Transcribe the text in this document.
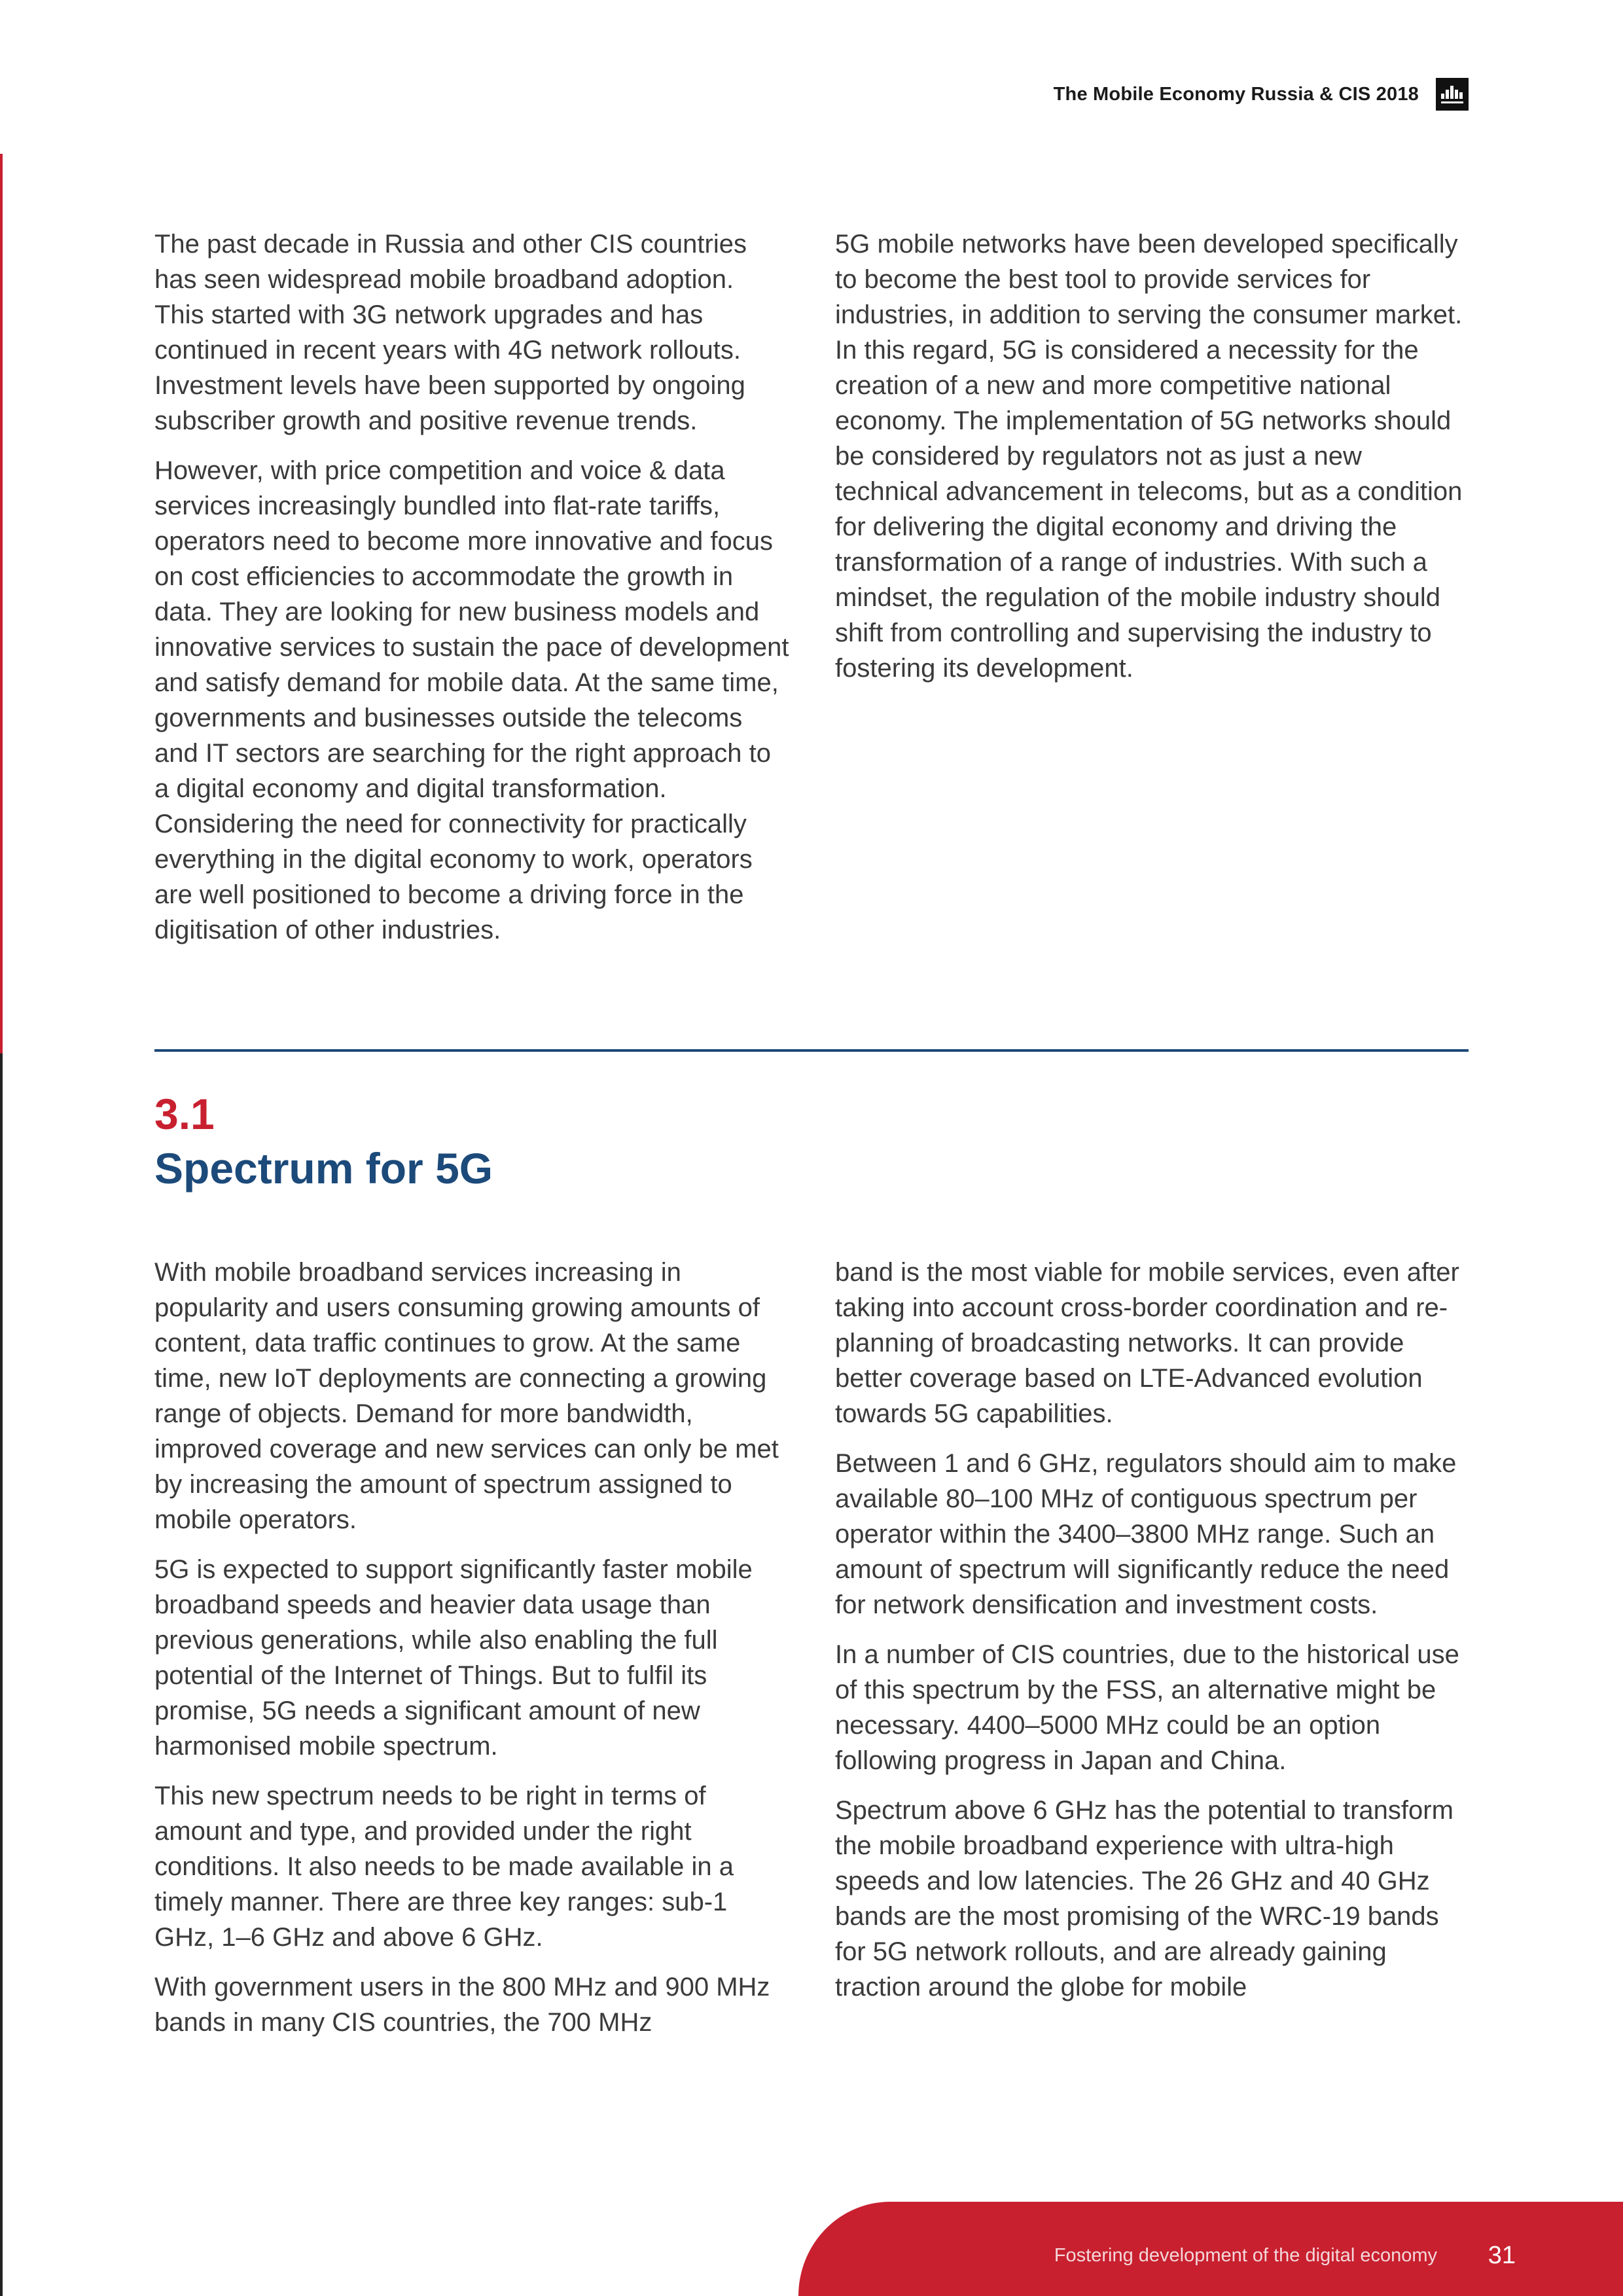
The Mobile Economy Russia & CIS 2018

The past decade in Russia and other CIS countries has seen widespread mobile broadband adoption. This started with 3G network upgrades and has continued in recent years with 4G network rollouts. Investment levels have been supported by ongoing subscriber growth and positive revenue trends.

However, with price competition and voice & data services increasingly bundled into flat-rate tariffs, operators need to become more innovative and focus on cost efficiencies to accommodate the growth in data. They are looking for new business models and innovative services to sustain the pace of development and satisfy demand for mobile data. At the same time, governments and businesses outside the telecoms and IT sectors are searching for the right approach to a digital economy and digital transformation. Considering the need for connectivity for practically everything in the digital economy to work, operators are well positioned to become a driving force in the digitisation of other industries.

5G mobile networks have been developed specifically to become the best tool to provide services for industries, in addition to serving the consumer market. In this regard, 5G is considered a necessity for the creation of a new and more competitive national economy. The implementation of 5G networks should be considered by regulators not as just a new technical advancement in telecoms, but as a condition for delivering the digital economy and driving the transformation of a range of industries. With such a mindset, the regulation of the mobile industry should shift from controlling and supervising the industry to fostering its development.

3.1
Spectrum for 5G

With mobile broadband services increasing in popularity and users consuming growing amounts of content, data traffic continues to grow. At the same time, new IoT deployments are connecting a growing range of objects. Demand for more bandwidth, improved coverage and new services can only be met by increasing the amount of spectrum assigned to mobile operators.

5G is expected to support significantly faster mobile broadband speeds and heavier data usage than previous generations, while also enabling the full potential of the Internet of Things. But to fulfil its promise, 5G needs a significant amount of new harmonised mobile spectrum.

This new spectrum needs to be right in terms of amount and type, and provided under the right conditions. It also needs to be made available in a timely manner. There are three key ranges: sub-1 GHz, 1–6 GHz and above 6 GHz.

With government users in the 800 MHz and 900 MHz bands in many CIS countries, the 700 MHz

band is the most viable for mobile services, even after taking into account cross-border coordination and re-planning of broadcasting networks. It can provide better coverage based on LTE-Advanced evolution towards 5G capabilities.

Between 1 and 6 GHz, regulators should aim to make available 80–100 MHz of contiguous spectrum per operator within the 3400–3800 MHz range. Such an amount of spectrum will significantly reduce the need for network densification and investment costs.

In a number of CIS countries, due to the historical use of this spectrum by the FSS, an alternative might be necessary. 4400–5000 MHz could be an option following progress in Japan and China.

Spectrum above 6 GHz has the potential to transform the mobile broadband experience with ultra-high speeds and low latencies. The 26 GHz and 40 GHz bands are the most promising of the WRC-19 bands for 5G network rollouts, and are already gaining traction around the globe for mobile

Fostering development of the digital economy 31
